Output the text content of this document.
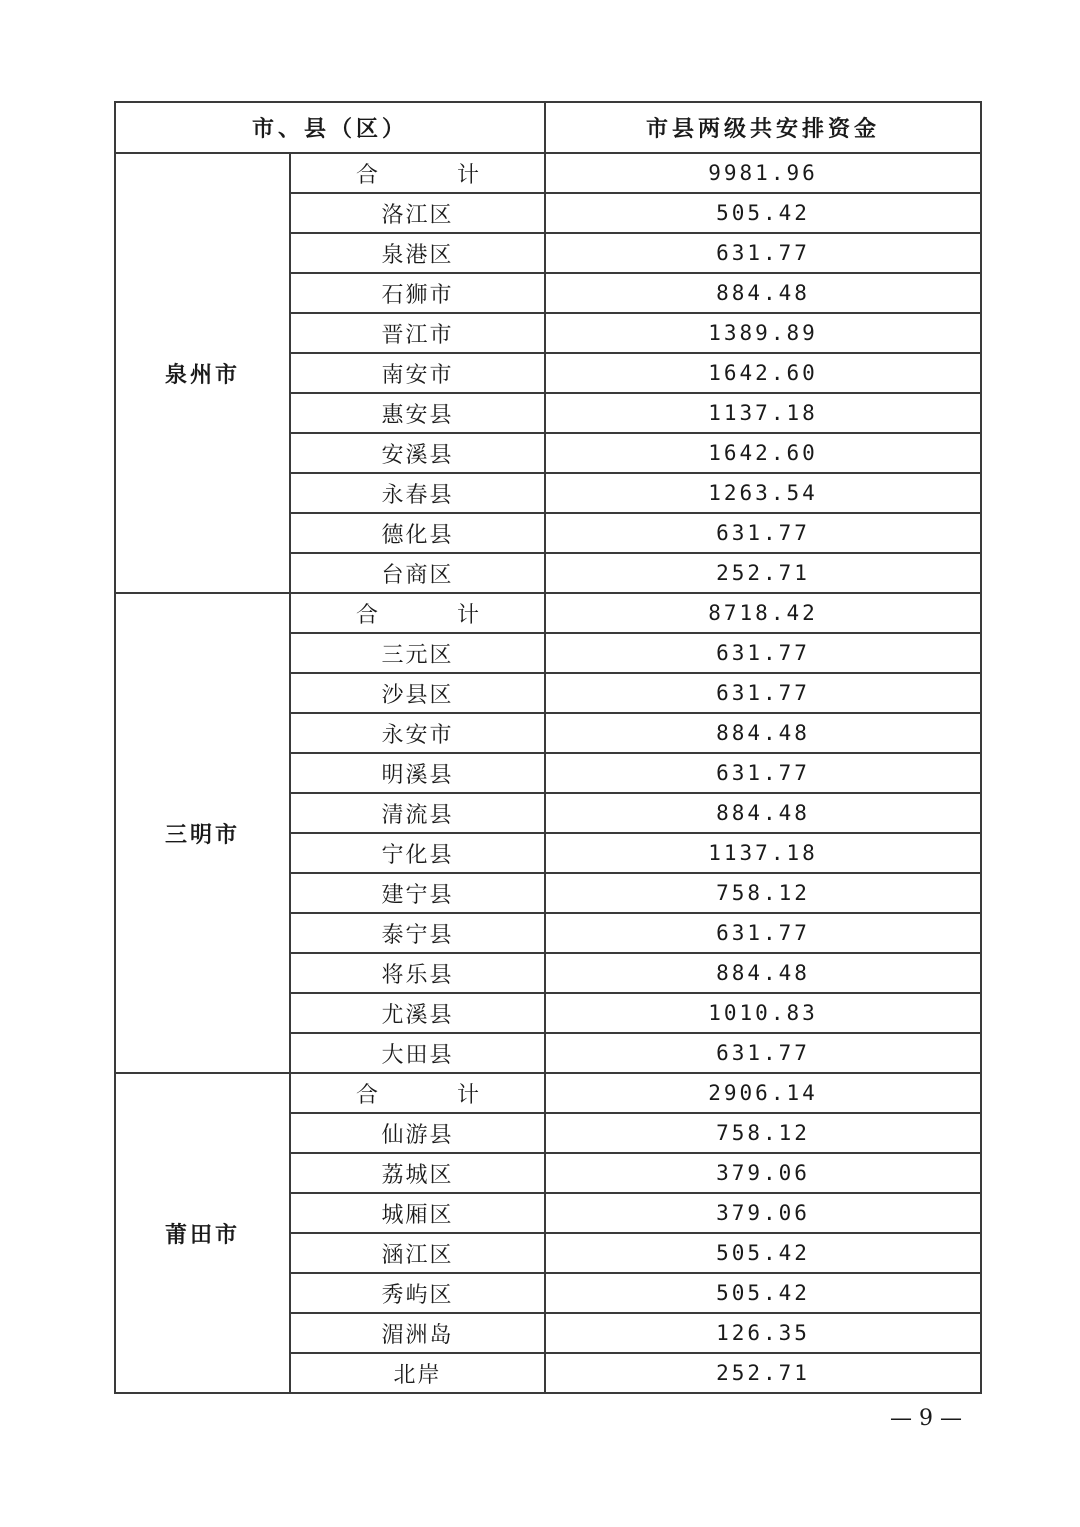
市、县（区）		市县两级共安排资金
泉州市	合 计	9981.96
	洛江区	505.42
	泉港区	631.77
	石狮市	884.48
	晋江市	1389.89
	南安市	1642.60
	惠安县	1137.18
	安溪县	1642.60
	永春县	1263.54
	德化县	631.77
	台商区	252.71
三明市	合 计	8718.42
	三元区	631.77
	沙县区	631.77
	永安市	884.48
	明溪县	631.77
	清流县	884.48
	宁化县	1137.18
	建宁县	758.12
	泰宁县	631.77
	将乐县	884.48
	尤溪县	1010.83
	大田县	631.77
莆田市	合 计	2906.14
	仙游县	758.12
	荔城区	379.06
	城厢区	379.06
	涵江区	505.42
	秀屿区	505.42
	湄洲岛	126.35
	北岸	252.71
— 9 —
